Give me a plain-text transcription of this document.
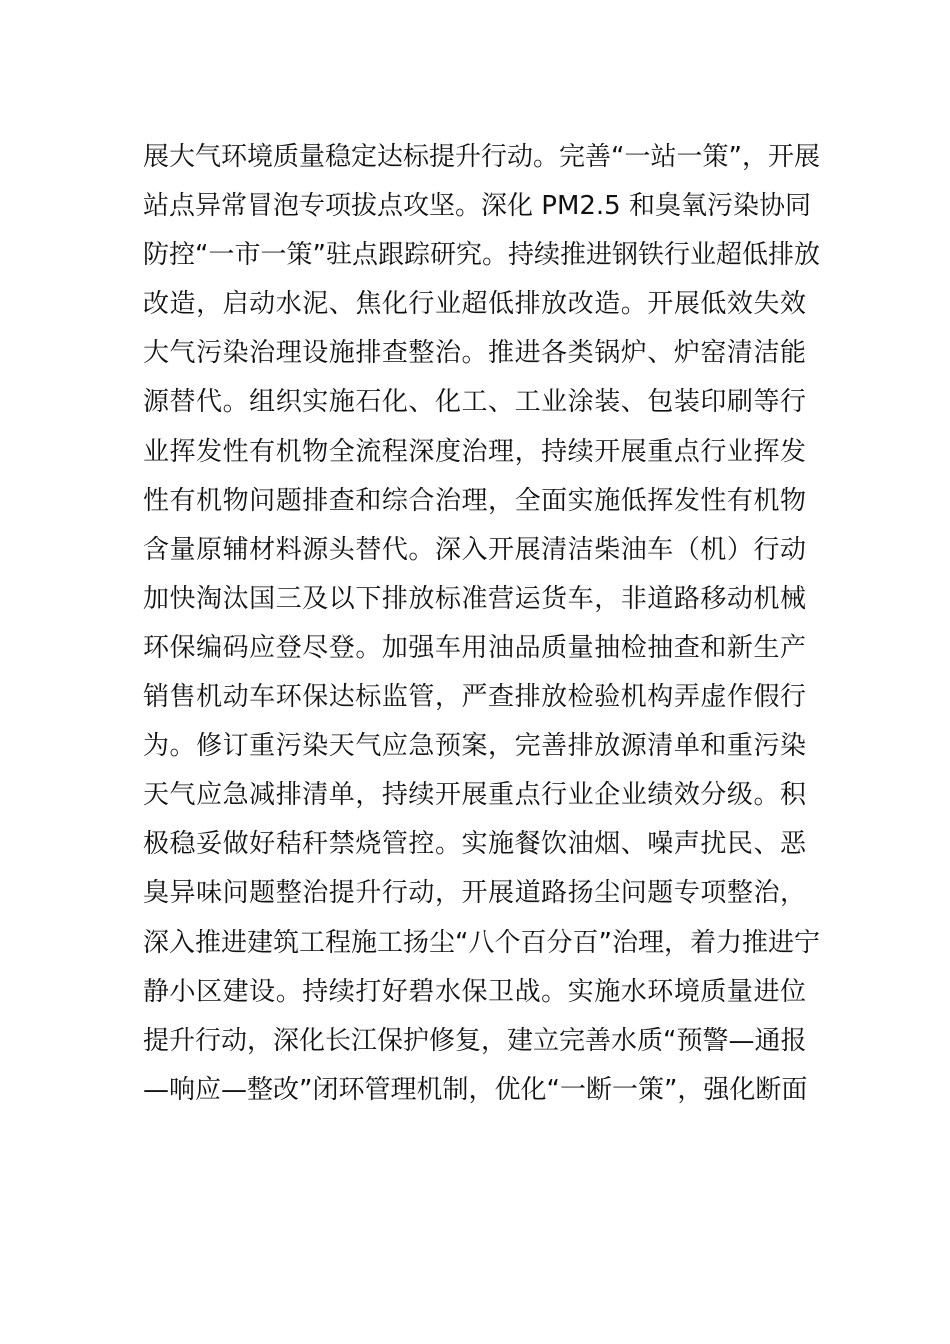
展大气环境质量稳定达标提升行动。完善“一站一策”，开展
站点异常冒泡专项拔点攻坚。深化 PM2.5 和臭氧污染协同
防控“一市一策”驻点跟踪研究。持续推进钢铁行业超低排放
改造，启动水泥、焦化行业超低排放改造。开展低效失效
大气污染治理设施排查整治。推进各类锅炉、炉窑清洁能
源替代。组织实施石化、化工、工业涂装、包装印刷等行
业挥发性有机物全流程深度治理，持续开展重点行业挥发
性有机物问题排查和综合治理，全面实施低挥发性有机物
含量原辅材料源头替代。深入开展清洁柴油车（机）行动
加快淘汰国三及以下排放标准营运货车，非道路移动机械
环保编码应登尽登。加强车用油品质量抽检抽查和新生产
销售机动车环保达标监管，严查排放检验机构弄虚作假行
为。修订重污染天气应急预案，完善排放源清单和重污染
天气应急减排清单，持续开展重点行业企业绩效分级。积
极稳妥做好秸秆禁烧管控。实施餐饮油烟、噪声扰民、恶
臭异味问题整治提升行动，开展道路扬尘问题专项整治，
深入推进建筑工程施工扬尘“八个百分百”治理，着力推进宁
静小区建设。持续打好碧水保卫战。实施水环境质量进位
提升行动，深化长江保护修复，建立完善水质“预警—通报
—响应—整改”闭环管理机制，优化“一断一策”，强化断面
